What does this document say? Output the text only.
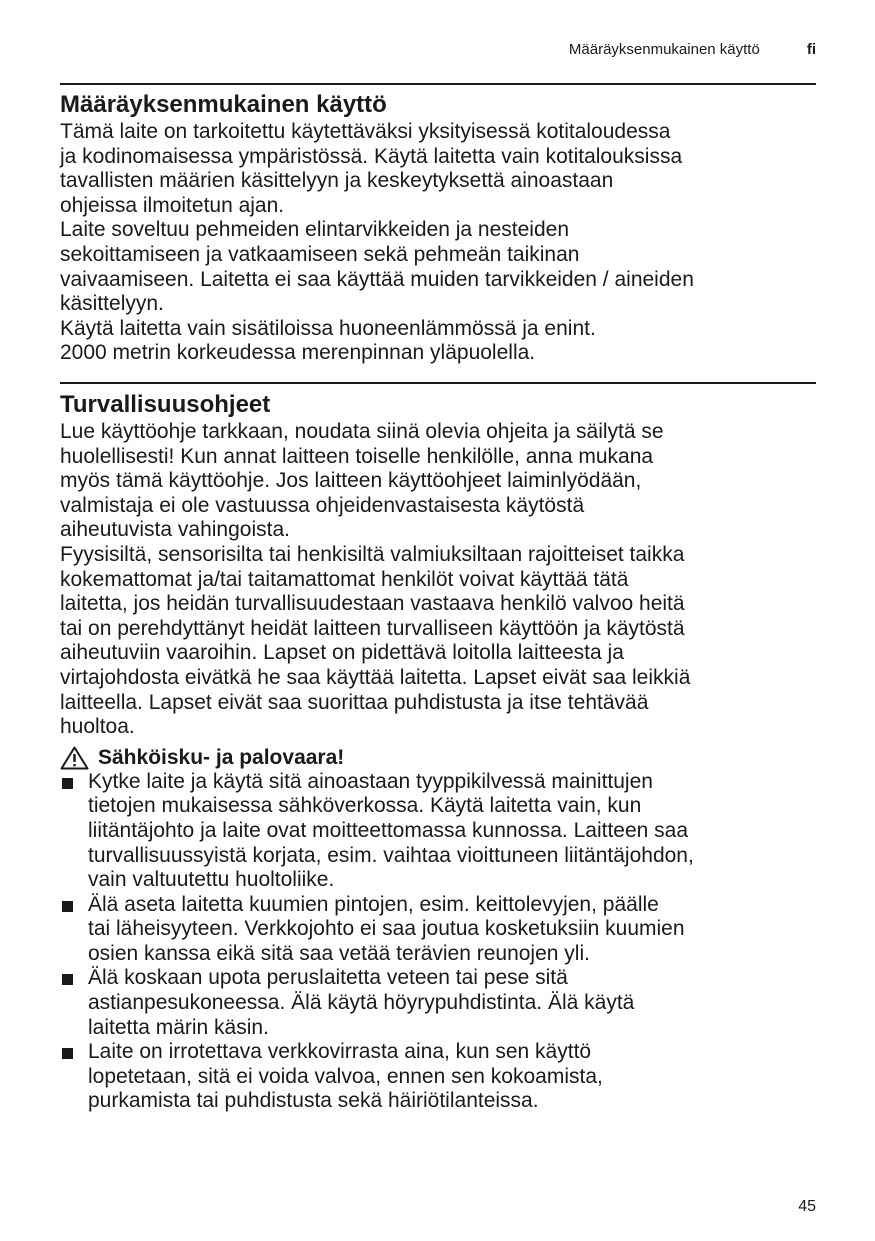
Määräyksenmukainen käyttö	fi
Määräyksenmukainen käyttö

Tämä laite on tarkoitettu käytettäväksi yksityisessä kotitaloudessa
ja kodinomaisessa ympäristössä. Käytä laitetta vain kotitalouksissa
tavallisten määrien käsittelyyn ja keskeytyksettä ainoastaan
ohjeissa ilmoitetun ajan.
Laite soveltuu pehmeiden elintarvikkeiden ja nesteiden
sekoittamiseen ja vatkaamiseen sekä pehmeän taikinan
vaivaamiseen. Laitetta ei saa käyttää muiden tarvikkeiden / aineiden
käsittelyyn.
Käytä laitetta vain sisätiloissa huoneenlämmössä ja enint.
2000 metrin korkeudessa merenpinnan yläpuolella.

Turvallisuusohjeet

Lue käyttöohje tarkkaan, noudata siinä olevia ohjeita ja säilytä se
huolellisesti! Kun annat laitteen toiselle henkilölle, anna mukana
myös tämä käyttöohje. Jos laitteen käyttöohjeet laiminlyödään,
valmistaja ei ole vastuussa ohjeidenvastaisesta käytöstä
aiheutuvista vahingoista.
Fyysisiltä, sensorisilta tai henkisiltä valmiuksiltaan rajoitteiset taikka
kokemattomat ja/tai taitamattomat henkilöt voivat käyttää tätä
laitetta, jos heidän turvallisuudestaan vastaava henkilö valvoo heitä
tai on perehdyttänyt heidät laitteen turvalliseen käyttöön ja käytöstä
aiheutuviin vaaroihin. Lapset on pidettävä loitolla laitteesta ja
virtajohdosta eivätkä he saa käyttää laitetta. Lapset eivät saa leikkiä
laitteella. Lapset eivät saa suorittaa puhdistusta ja itse tehtävää
huoltoa.

Sähköisku- ja palovaara!

Kytke laite ja käytä sitä ainoastaan tyyppikilvessä mainittujen
tietojen mukaisessa sähköverkossa. Käytä laitetta vain, kun
liitäntäjohto ja laite ovat moitteettomassa kunnossa. Laitteen saa
turvallisuussyistä korjata, esim. vaihtaa vioittuneen liitäntäjohdon,
vain valtuutettu huoltoliike.

Älä aseta laitetta kuumien pintojen, esim. keittolevyjen, päälle
tai läheisyyteen. Verkkojohto ei saa joutua kosketuksiin kuumien
osien kanssa eikä sitä saa vetää terävien reunojen yli.

Älä koskaan upota peruslaitetta veteen tai pese sitä
astianpesukoneessa. Älä käytä höyrypuhdistinta. Älä käytä
laitetta märin käsin.

Laite on irrotettava verkkovirrasta aina, kun sen käyttö
lopetetaan, sitä ei voida valvoa, ennen sen kokoamista,
purkamista tai puhdistusta sekä häiriötilanteissa.

45
